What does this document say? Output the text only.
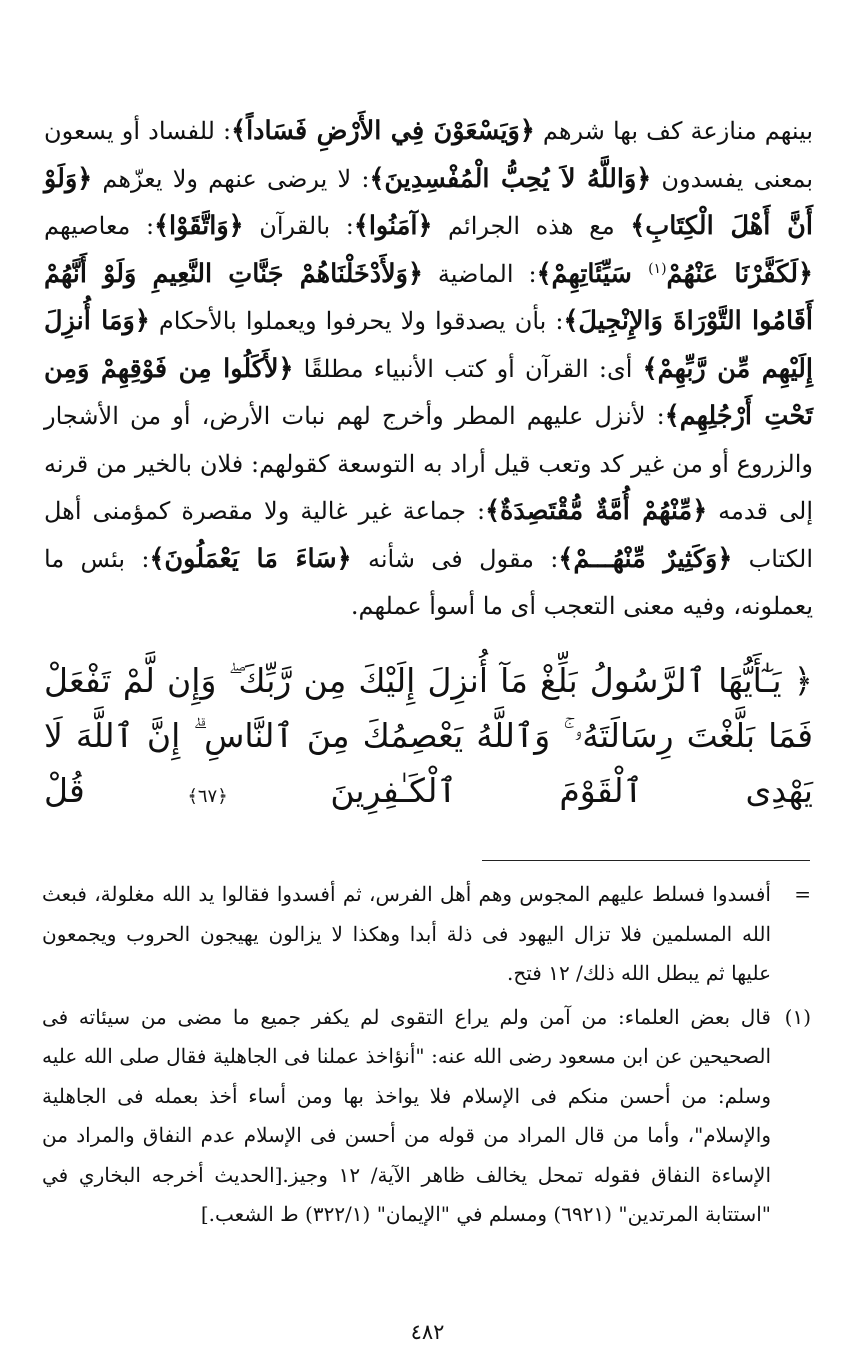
بينهم منازعة كف بها شرهم ﴿وَيَسْعَوْنَ فِي الأَرْضِ فَسَاداً﴾: للفساد أو يسعون بمعنى يفسدون ﴿وَاللَّهُ لاَ يُحِبُّ الْمُفْسِدِينَ﴾: لا يرضى عنهم ولا يعزّهم ﴿وَلَوْ أَنَّ أَهْلَ الْكِتَابِ﴾ مع هذه الجرائم ﴿آمَنُوا﴾: بالقرآن ﴿وَاتَّقَوْا﴾: معاصيهم ﴿لَكَفَّرْنَا عَنْهُمْ$^{(١)}$ سَيِّئَاتِهِمْ﴾: الماضية ﴿وَلأَدْخَلْنَاهُمْ جَنَّاتِ النَّعِيمِ وَلَوْ أَنَّهُمْ أَقَامُوا التَّوْرَاةَ وَالإِنْجِيلَ﴾: بأن يصدقوا ولا يحرفوا ويعملوا بالأحكام ﴿وَمَا أُنزِلَ إِلَيْهِم مِّن رَّبِّهِمْ﴾ أى: القرآن أو كتب الأنبياء مطلقًا ﴿لأَكَلُوا مِن فَوْقِهِمْ وَمِن تَحْتِ أَرْجُلِهِم﴾: لأنزل عليهم المطر وأخرج لهم نبات الأرض، أو من الأشجار والزروع أو من غير كد وتعب قيل أراد به التوسعة كقولهم: فلان بالخير من قرنه إلى قدمه ﴿مِّنْهُمْ أُمَّةٌ مُّقْتَصِدَةٌ﴾: جماعة غير غالية ولا مقصرة كمؤمنى أهل الكتاب ﴿وَكَثِيرٌ مِّنْهُـــمْ﴾: مقول فى شأنه ﴿سَاءَ مَا يَعْمَلُونَ﴾: بئس ما يعملونه، وفيه معنى التعجب أى ما أسوأ عملهم.

﴿ يَـٰٓأَيُّهَا ٱلرَّسُولُ بَلِّغْ مَآ أُنزِلَ إِلَيْكَ مِن رَّبِّكَ ۖ وَإِن لَّمْ تَفْعَلْ فَمَا بَلَّغْتَ رِسَالَتَهُۥ ۚ وَٱللَّهُ يَعْصِمُكَ مِنَ ٱلنَّاسِ ۗ إِنَّ ٱللَّهَ لَا يَهْدِى ٱلْقَوْمَ ٱلْكَـٰفِرِينَ ﴿٦٧﴾ قُلْ

=
أفسدوا فسلط عليهم المجوس وهم أهل الفرس، ثم أفسدوا فقالوا يد الله مغلولة، فبعث الله المسلمين فلا تزال اليهود فى ذلة أبدا وهكذا لا يزالون يهيجون الحروب ويجمعون عليها ثم يبطل الله ذلك/ ١٢ فتح.
(١)
قال بعض العلماء: من آمن ولم يراع التقوى لم يكفر جميع ما مضى من سيئاته فى الصحيحين عن ابن مسعود رضى الله عنه: "أنؤاخذ عملنا فى الجاهلية فقال صلى الله عليه وسلم: من أحسن منكم فى الإسلام فلا يواخذ بها ومن أساء أخذ بعمله فى الجاهلية والإسلام"، وأما من قال المراد من قوله من أحسن فى الإسلام عدم النفاق والمراد من الإساءة النفاق فقوله تمحل يخالف ظاهر الآية/ ١٢ وجيز.[الحديث أخرجه البخاري في "استتابة المرتدين" (٦٩٢١) ومسلم في "الإيمان" (٣٢٢/١) ط الشعب.]
٤٨٢
